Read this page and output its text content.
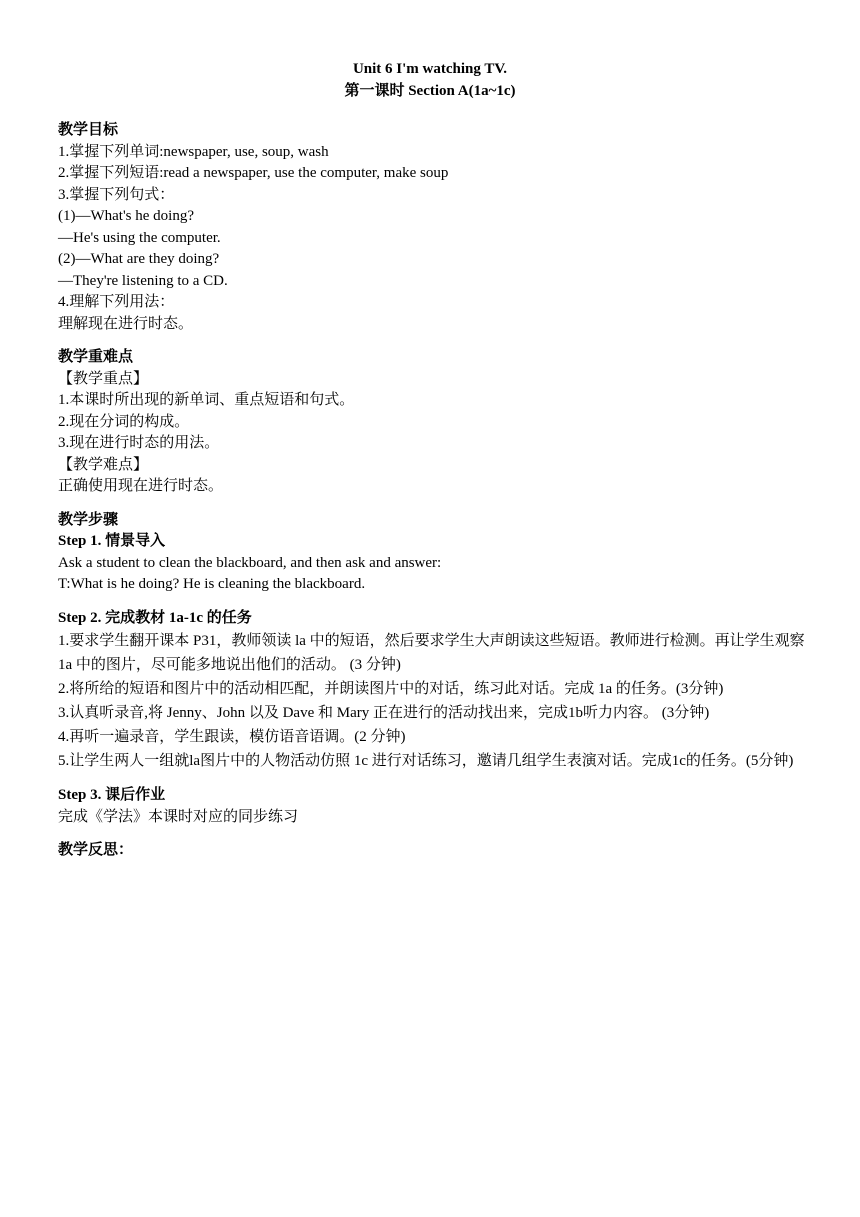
Unit 6 I'm watching TV.
第一课时 Section A(1a~1c)
教学目标
1.掌握下列单词:newspaper, use, soup, wash
2.掌握下列短语:read a newspaper, use the computer, make soup
3.掌握下列句式：
(1)—What's he doing?
—He's using the computer.
(2)—What are they doing?
—They're listening to a CD.
4.理解下列用法：
理解现在进行时态。
教学重难点
【教学重点】
1.本课时所出现的新单词、重点短语和句式。
2.现在分词的构成。
3.现在进行时态的用法。
【教学难点】
正确使用现在进行时态。
教学步骤
Step 1. 情景导入
Ask a student to clean the blackboard, and then ask and answer:
T:What is he doing? He is cleaning the blackboard.
Step 2. 完成教材 1a-1c 的任务
1.要求学生翻开课本 P31，教师领读 la 中的短语，然后要求学生大声朗读这些短语。教师进行检测。再让学生观察 1a 中的图片，尽可能多地说出他们的活动。 (3 分钟)
2.将所给的短语和图片中的活动相匹配，并朗读图片中的对话，练习此对话。完成 1a 的任务。(3分钟)
3.认真听录音,将 Jenny、John 以及 Dave 和 Mary 正在进行的活动找出来，完成1b听力内容。 (3分钟)
4.再听一遍录音，学生跟读，模仿语音语调。(2 分钟)
5.让学生两人一组就la图片中的人物活动仿照 1c 进行对话练习，邀请几组学生表演对话。完成1c的任务。(5分钟)
Step 3. 课后作业
完成《学法》本课时对应的同步练习
教学反思：
